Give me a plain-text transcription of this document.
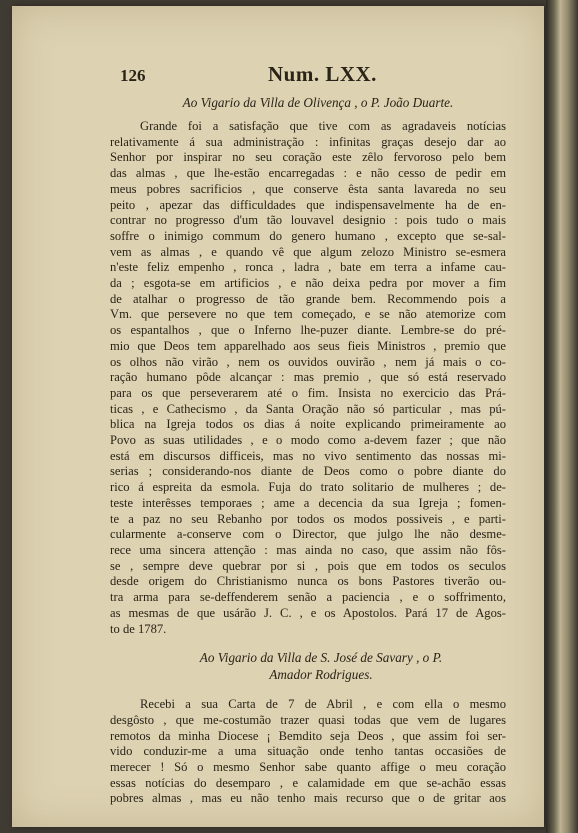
126	Num. LXX.

Ao Vigario da Villa de Olivença , o P. João Duarte.

Grande foi a satisfação que tive com as agradaveis notícias
relativamente á sua administração : infinitas graças desejo dar ao
Senhor por inspirar no seu coração este zêlo fervoroso pelo bem
das almas , que lhe-estão encarregadas : e não cesso de pedir em
meus pobres sacrificios , que conserve êsta santa lavareda no seu
peito , apezar das difficuldades que indispensavelmente ha de en-
contrar no progresso d'um tão louvavel designio : pois tudo o mais
soffre o inimigo commum do genero humano , excepto que se-sal-
vem as almas , e quando vê que algum zelozo Ministro se-esmera
n'este feliz empenho , ronca , ladra , bate em terra a infame cau-
da ; esgota-se em artificios , e não deixa pedra por mover a fim
de atalhar o progresso de tão grande bem. Recommendo pois a
Vm. que persevere no que tem começado, e se não atemorize com
os espantalhos , que o Inferno lhe-puzer diante. Lembre-se do pré-
mio que Deos tem apparelhado aos seus fieis Ministros , premio que
os olhos não virão , nem os ouvidos ouvirão , nem já mais o co-
ração humano pôde alcançar : mas premio , que só está reservado
para os que perseverarem até o fim. Insista no exercicio das Prá-
ticas , e Cathecismo , da Santa Oração não só particular , mas pú-
blica na Igreja todos os dias á noite explicando primeiramente ao
Povo as suas utilidades , e o modo como a-devem fazer ; que não
está em discursos difficeis, mas no vivo sentimento das nossas mi-
serias ; considerando-nos diante de Deos como o pobre diante do
rico á espreita da esmola. Fuja do trato solitario de mulheres ; de-
teste interêsses temporaes ; ame a decencia da sua Igreja ; fomen-
te a paz no seu Rebanho por todos os modos possiveis , e parti-
cularmente a-conserve com o Director, que julgo lhe não desme-
rece uma sincera attenção : mas ainda no caso, que assim não fôs-
se , sempre deve quebrar por si , pois que em todos os seculos
desde origem do Christianismo nunca os bons Pastores tiverão ou-
tra arma para se-deffenderem senão a paciencia , e o soffrimento,
as mesmas de que usárão J. C. , e os Apostolos. Pará 17 de Agos-
to de 1787.

Ao Vigario da Villa de S. José de Savary , o P.
Amador Rodrigues.

Recebi a sua Carta de 7 de Abril , e com ella o mesmo
desgôsto , que me-costumão trazer quasi todas que vem de lugares
remotos da minha Diocese ¡ Bemdito seja Deos , que assim foi ser-
vido conduzir-me a uma situação onde tenho tantas occasiões de
merecer ! Só o mesmo Senhor sabe quanto affige o meu coração
essas notícias do desemparo , e calamidade em que se-achão essas
pobres almas , mas eu não tenho mais recurso que o de gritar aos
